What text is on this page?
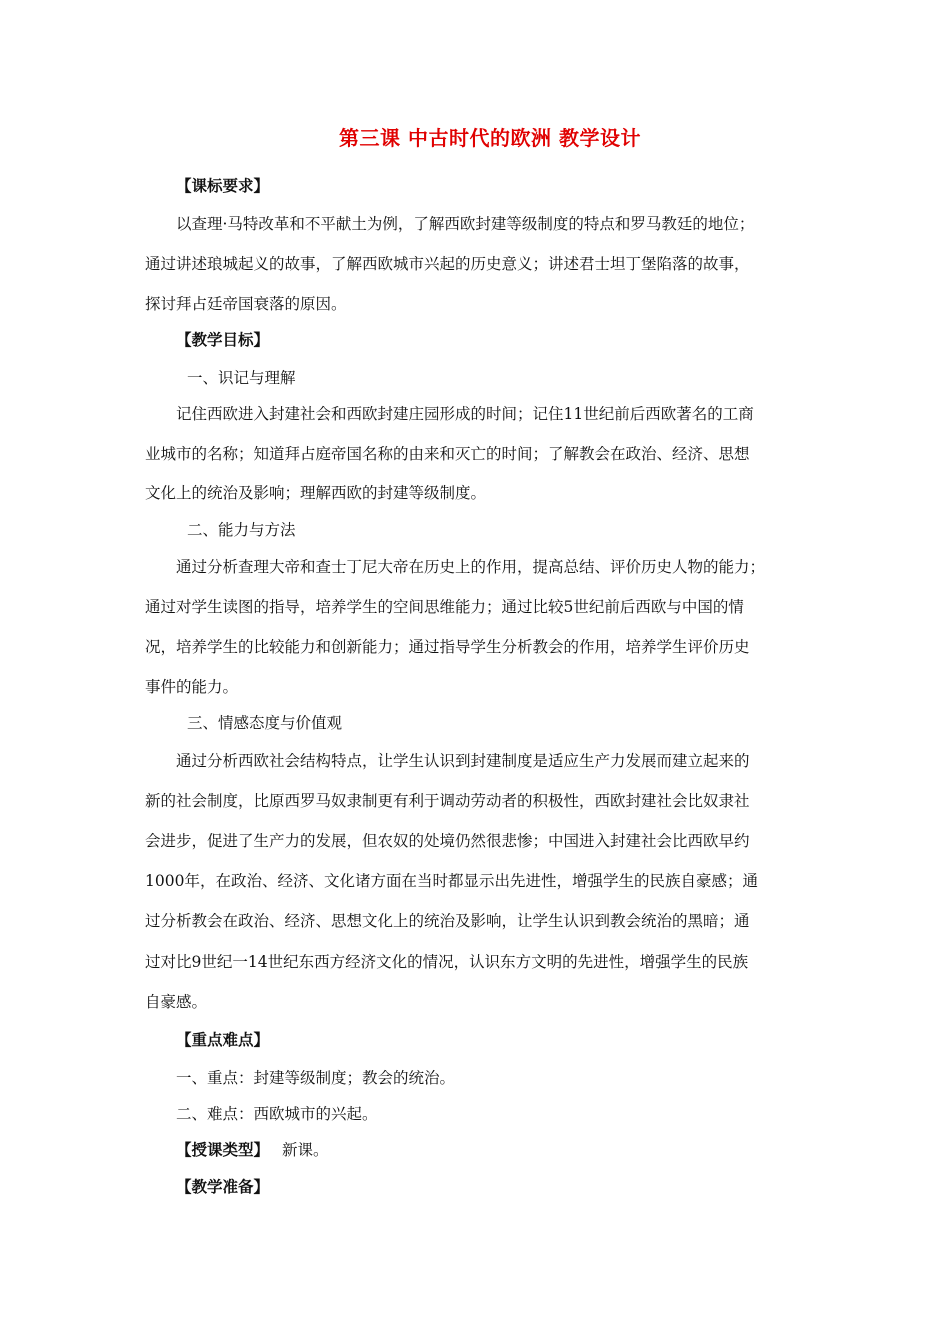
第三课 中古时代的欧洲 教学设计
【课标要求】
以查理·马特改革和不平献土为例，了解西欧封建等级制度的特点和罗马教廷的地位；
通过讲述琅城起义的故事，了解西欧城市兴起的历史意义；讲述君士坦丁堡陷落的故事，
探讨拜占廷帝国衰落的原因。
【教学目标】
一、识记与理解
记住西欧进入封建社会和西欧封建庄园形成的时间；记住11世纪前后西欧著名的工商
业城市的名称；知道拜占庭帝国名称的由来和灭亡的时间；了解教会在政治、经济、思想
文化上的统治及影响；理解西欧的封建等级制度。
二、能力与方法
通过分析查理大帝和查士丁尼大帝在历史上的作用，提高总结、评价历史人物的能力；
通过对学生读图的指导，培养学生的空间思维能力；通过比较5世纪前后西欧与中国的情
况，培养学生的比较能力和创新能力；通过指导学生分析教会的作用，培养学生评价历史
事件的能力。
三、情感态度与价值观
通过分析西欧社会结构特点，让学生认识到封建制度是适应生产力发展而建立起来的
新的社会制度，比原西罗马奴隶制更有利于调动劳动者的积极性，西欧封建社会比奴隶社
会进步，促进了生产力的发展，但农奴的处境仍然很悲惨；中国进入封建社会比西欧早约
1000年，在政治、经济、文化诸方面在当时都显示出先进性，增强学生的民族自豪感；通
过分析教会在政治、经济、思想文化上的统治及影响，让学生认识到教会统治的黑暗；通
过对比9世纪一14世纪东西方经济文化的情况，认识东方文明的先进性，增强学生的民族
自豪感。
【重点难点】
一、重点：封建等级制度；教会的统治。
二、难点：西欧城市的兴起。
【授课类型】 新课。
【教学准备】
